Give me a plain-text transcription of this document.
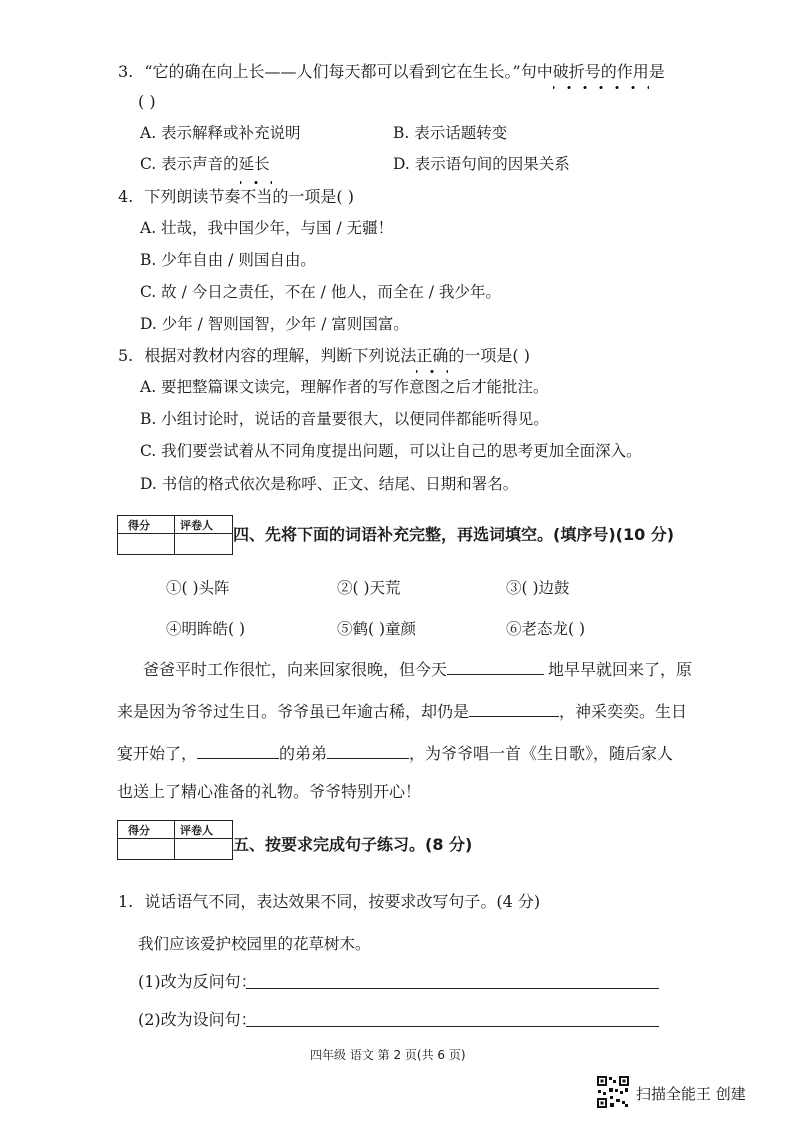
3. “它的确在向上长——人们每天都可以看到它在生长。”句中破折号的作用是
( )
A. 表示解释或补充说明	B. 表示话题转变
C. 表示声音的延长	D. 表示语句间的因果关系
4. 下列朗读节奏不当的一项是( )
A. 壮哉，我中国少年，与国 / 无疆！
B. 少年自由 / 则国自由。
C. 故 / 今日之责任，不在 / 他人，而全在 / 我少年。
D. 少年 / 智则国智，少年 / 富则国富。
5. 根据对教材内容的理解，判断下列说法正确的一项是( )
A. 要把整篇课文读完，理解作者的写作意图之后才能批注。
B. 小组讨论时，说话的音量要很大，以便同伴都能听得见。
C. 我们要尝试着从不同角度提出问题，可以让自己的思考更加全面深入。
D. 书信的格式依次是称呼、正文、结尾、日期和署名。
得分	评卷人 四、先将下面的词语补充完整，再选词填空。(填序号)(10 分)
①( )头阵	②( )天荒	③( )边鼓
④明眸皓( )	⑤鹤( )童颜	⑥老态龙( )
爸爸平时工作很忙，向来回家很晚，但今天	地早早就回来了，原
来是因为爷爷过生日。爷爷虽已年逾古稀，却仍是	，神采奕奕。生日
宴开始了，	的弟弟	，为爷爷唱一首《生日歌》，随后家人
也送上了精心准备的礼物。爷爷特别开心！
得分	评卷人
五、按要求完成句子练习。(8 分)
1. 说话语气不同，表达效果不同，按要求改写句子。(4 分)
我们应该爱护校园里的花草树木。
(1)改为反问句：
(2)改为设问句：
四年级 语文 第 2 页(共 6 页)
扫描全能王 创建
